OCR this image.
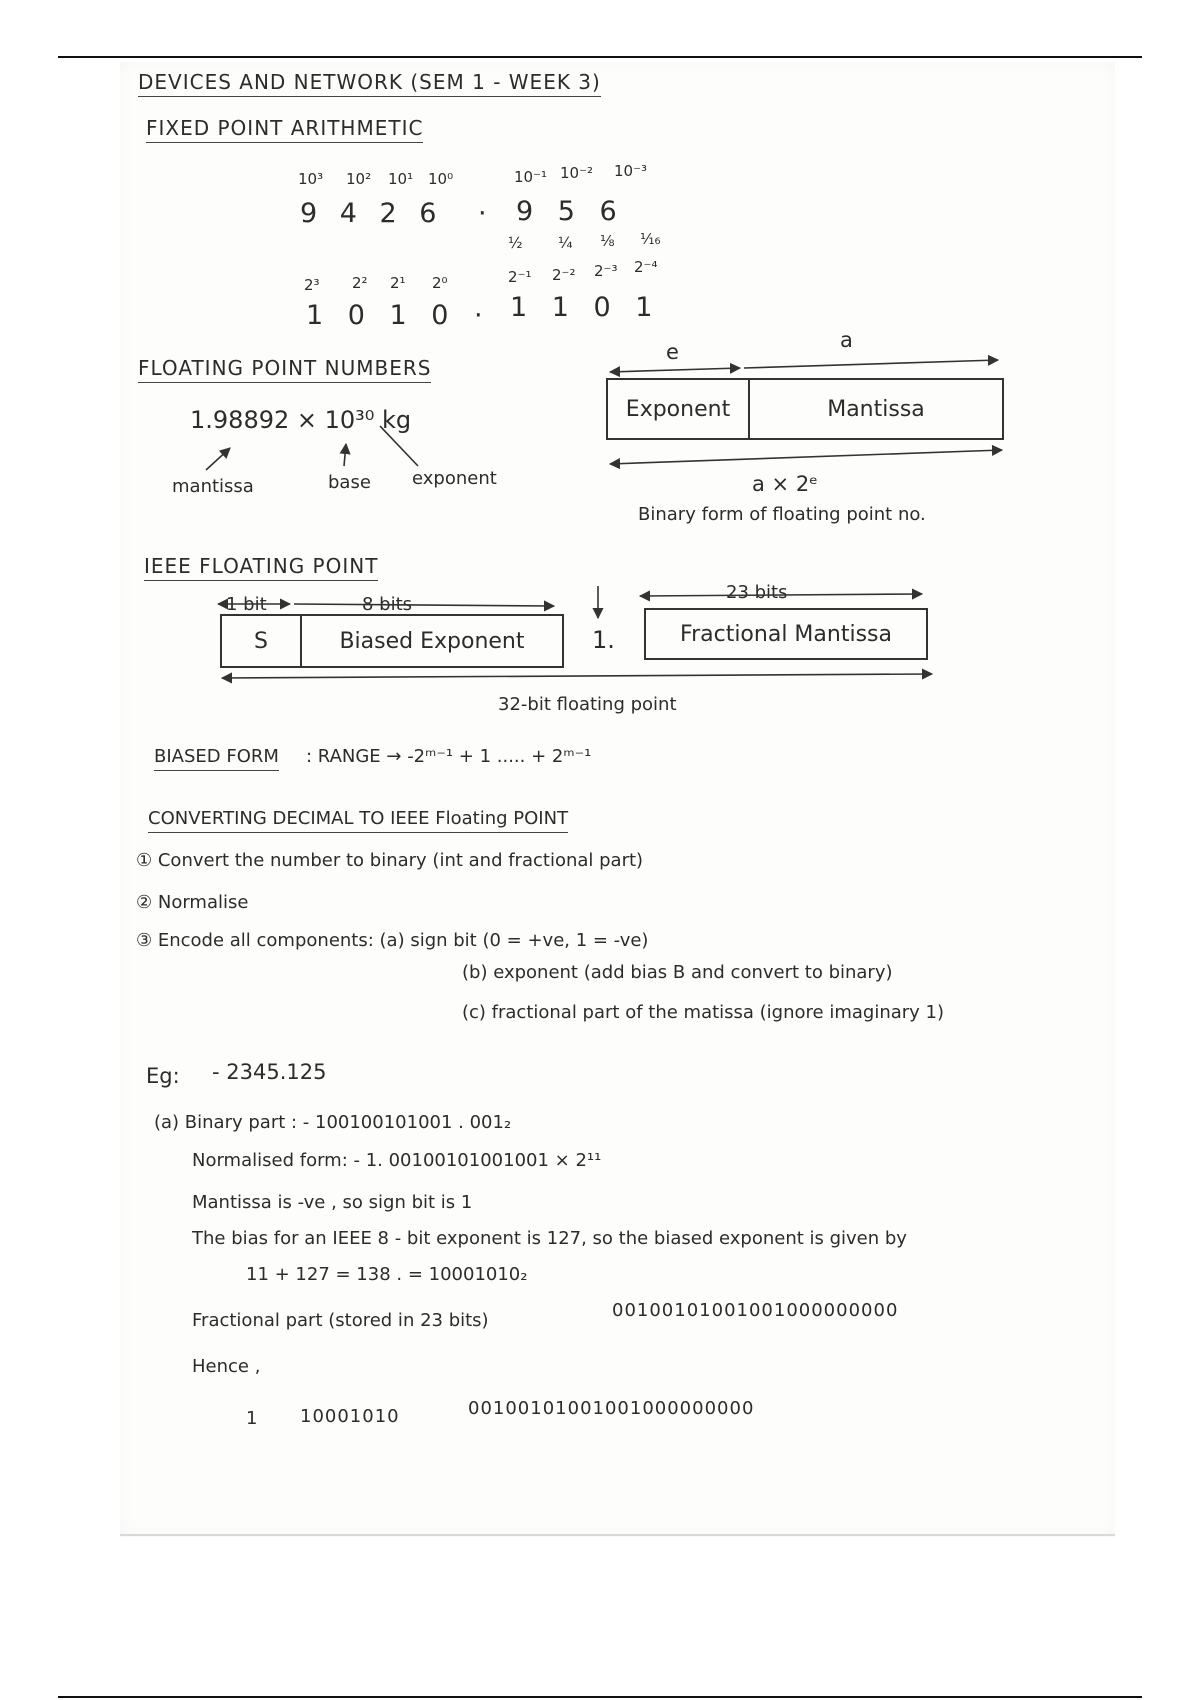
DEVICES AND NETWORK (SEM 1 - WEEK 3)
FIXED POINT ARITHMETIC
10³ 10² 10¹ 10⁰	10⁻¹ 10⁻² 10⁻³
9 4 2 6 · 9 5 6
½ ¼ ⅛ ¹⁄₁₆
2³ 2² 2¹ 2⁰	2⁻¹ 2⁻² 2⁻³ 2⁻⁴
1 0 1 0 · 1 1 0 1
FLOATING POINT NUMBERS
1.98892 × 10³⁰ kg
mantissa	base exponent
e	a
Exponent	Mantissa
a × 2ᵉ
Binary form of floating point no.
IEEE FLOATING POINT
1 bit	8 bits
23 bits
S	Biased Exponent	1.	Fractional Mantissa
32-bit floating point
BIASED FORM : RANGE → -2ᵐ⁻¹ + 1 ..... + 2ᵐ⁻¹
CONVERTING DECIMAL TO IEEE Floating POINT
① Convert the number to binary (int and fractional part)
② Normalise
③ Encode all components: (a) sign bit (0 = +ve, 1 = -ve)
(b) exponent (add bias B and convert to binary)
(c) fractional part of the matissa (ignore imaginary 1)
Eg: - 2345.125
(a) Binary part : - 100100101001 . 001₂
Normalised form: - 1. 00100101001001 × 2¹¹
Mantissa is -ve , so sign bit is 1
The bias for an IEEE 8 - bit exponent is 127, so the biased exponent is given by
11 + 127 = 138 . = 10001010₂
Fractional part (stored in 23 bits)	00100101001001000000000
Hence ,
1 10001010	00100101001001000000000
